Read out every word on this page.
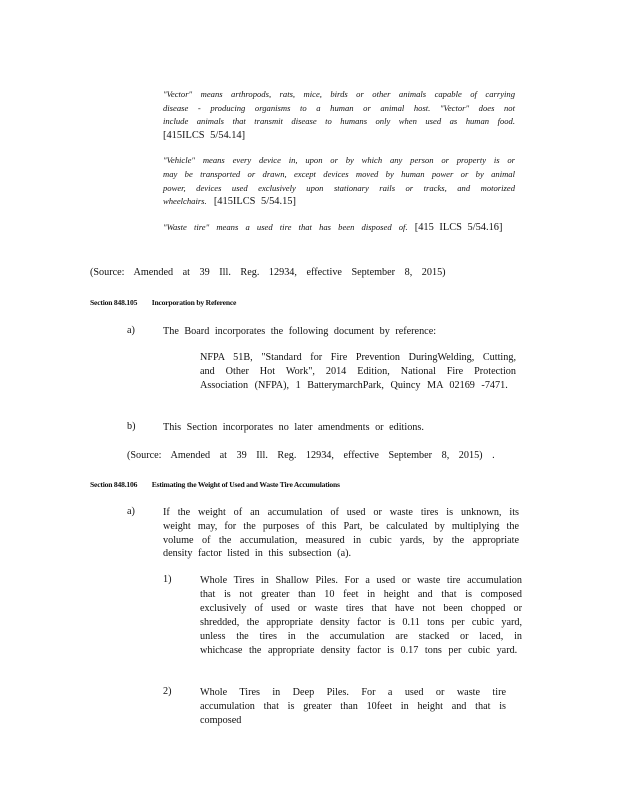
"Vector" means arthropods, rats, mice, birds or other animals capable of carrying disease - producing organisms to a human or animal host. "Vector" does not include animals that transmit disease to humans only when used as human food. [415ILCS 5/54.14]

"Vehicle" means every device in, upon or by which any person or property is or may be transported or drawn, except devices moved by human power or by animal power, devices used exclusively upon stationary rails or tracks, and motorized wheelchairs. [415ILCS 5/54.15]

"Waste tire" means a used tire that has been disposed of. [415 ILCS 5/54.16]

(Source: Amended at 39 Ill. Reg. 12934, effective September 8, 2015)
Section 848.105 Incorporation by Reference
a)	The Board incorporates the following document by reference:
NFPA 51B, "Standard for Fire Prevention DuringWelding, Cutting, and Other Hot Work", 2014 Edition, National Fire Protection Association (NFPA), 1 BatterymarchPark, Quincy MA 02169 -7471.
b)	This Section incorporates no later amendments or editions.
(Source: Amended at 39 Ill. Reg. 12934, effective September 8, 2015) .
Section 848.106 Estimating the Weight of Used and Waste Tire Accumulations
a)	If the weight of an accumulation of used or waste tires is unknown, its weight may, for the purposes of this Part, be calculated by multiplying the volume of the accumulation, measured in cubic yards, by the appropriate density factor listed in this subsection (a).
1)	Whole Tires in Shallow Piles. For a used or waste tire accumulation that is not greater than 10 feet in height and that is composed exclusively of used or waste tires that have not been chopped or shredded, the appropriate density factor is 0.11 tons per cubic yard, unless the tires in the accumulation are stacked or laced, in whichcase the appropriate density factor is 0.17 tons per cubic yard.
2)	Whole Tires in Deep Piles. For a used or waste tire accumulation that is greater than 10feet in height and that is composed
